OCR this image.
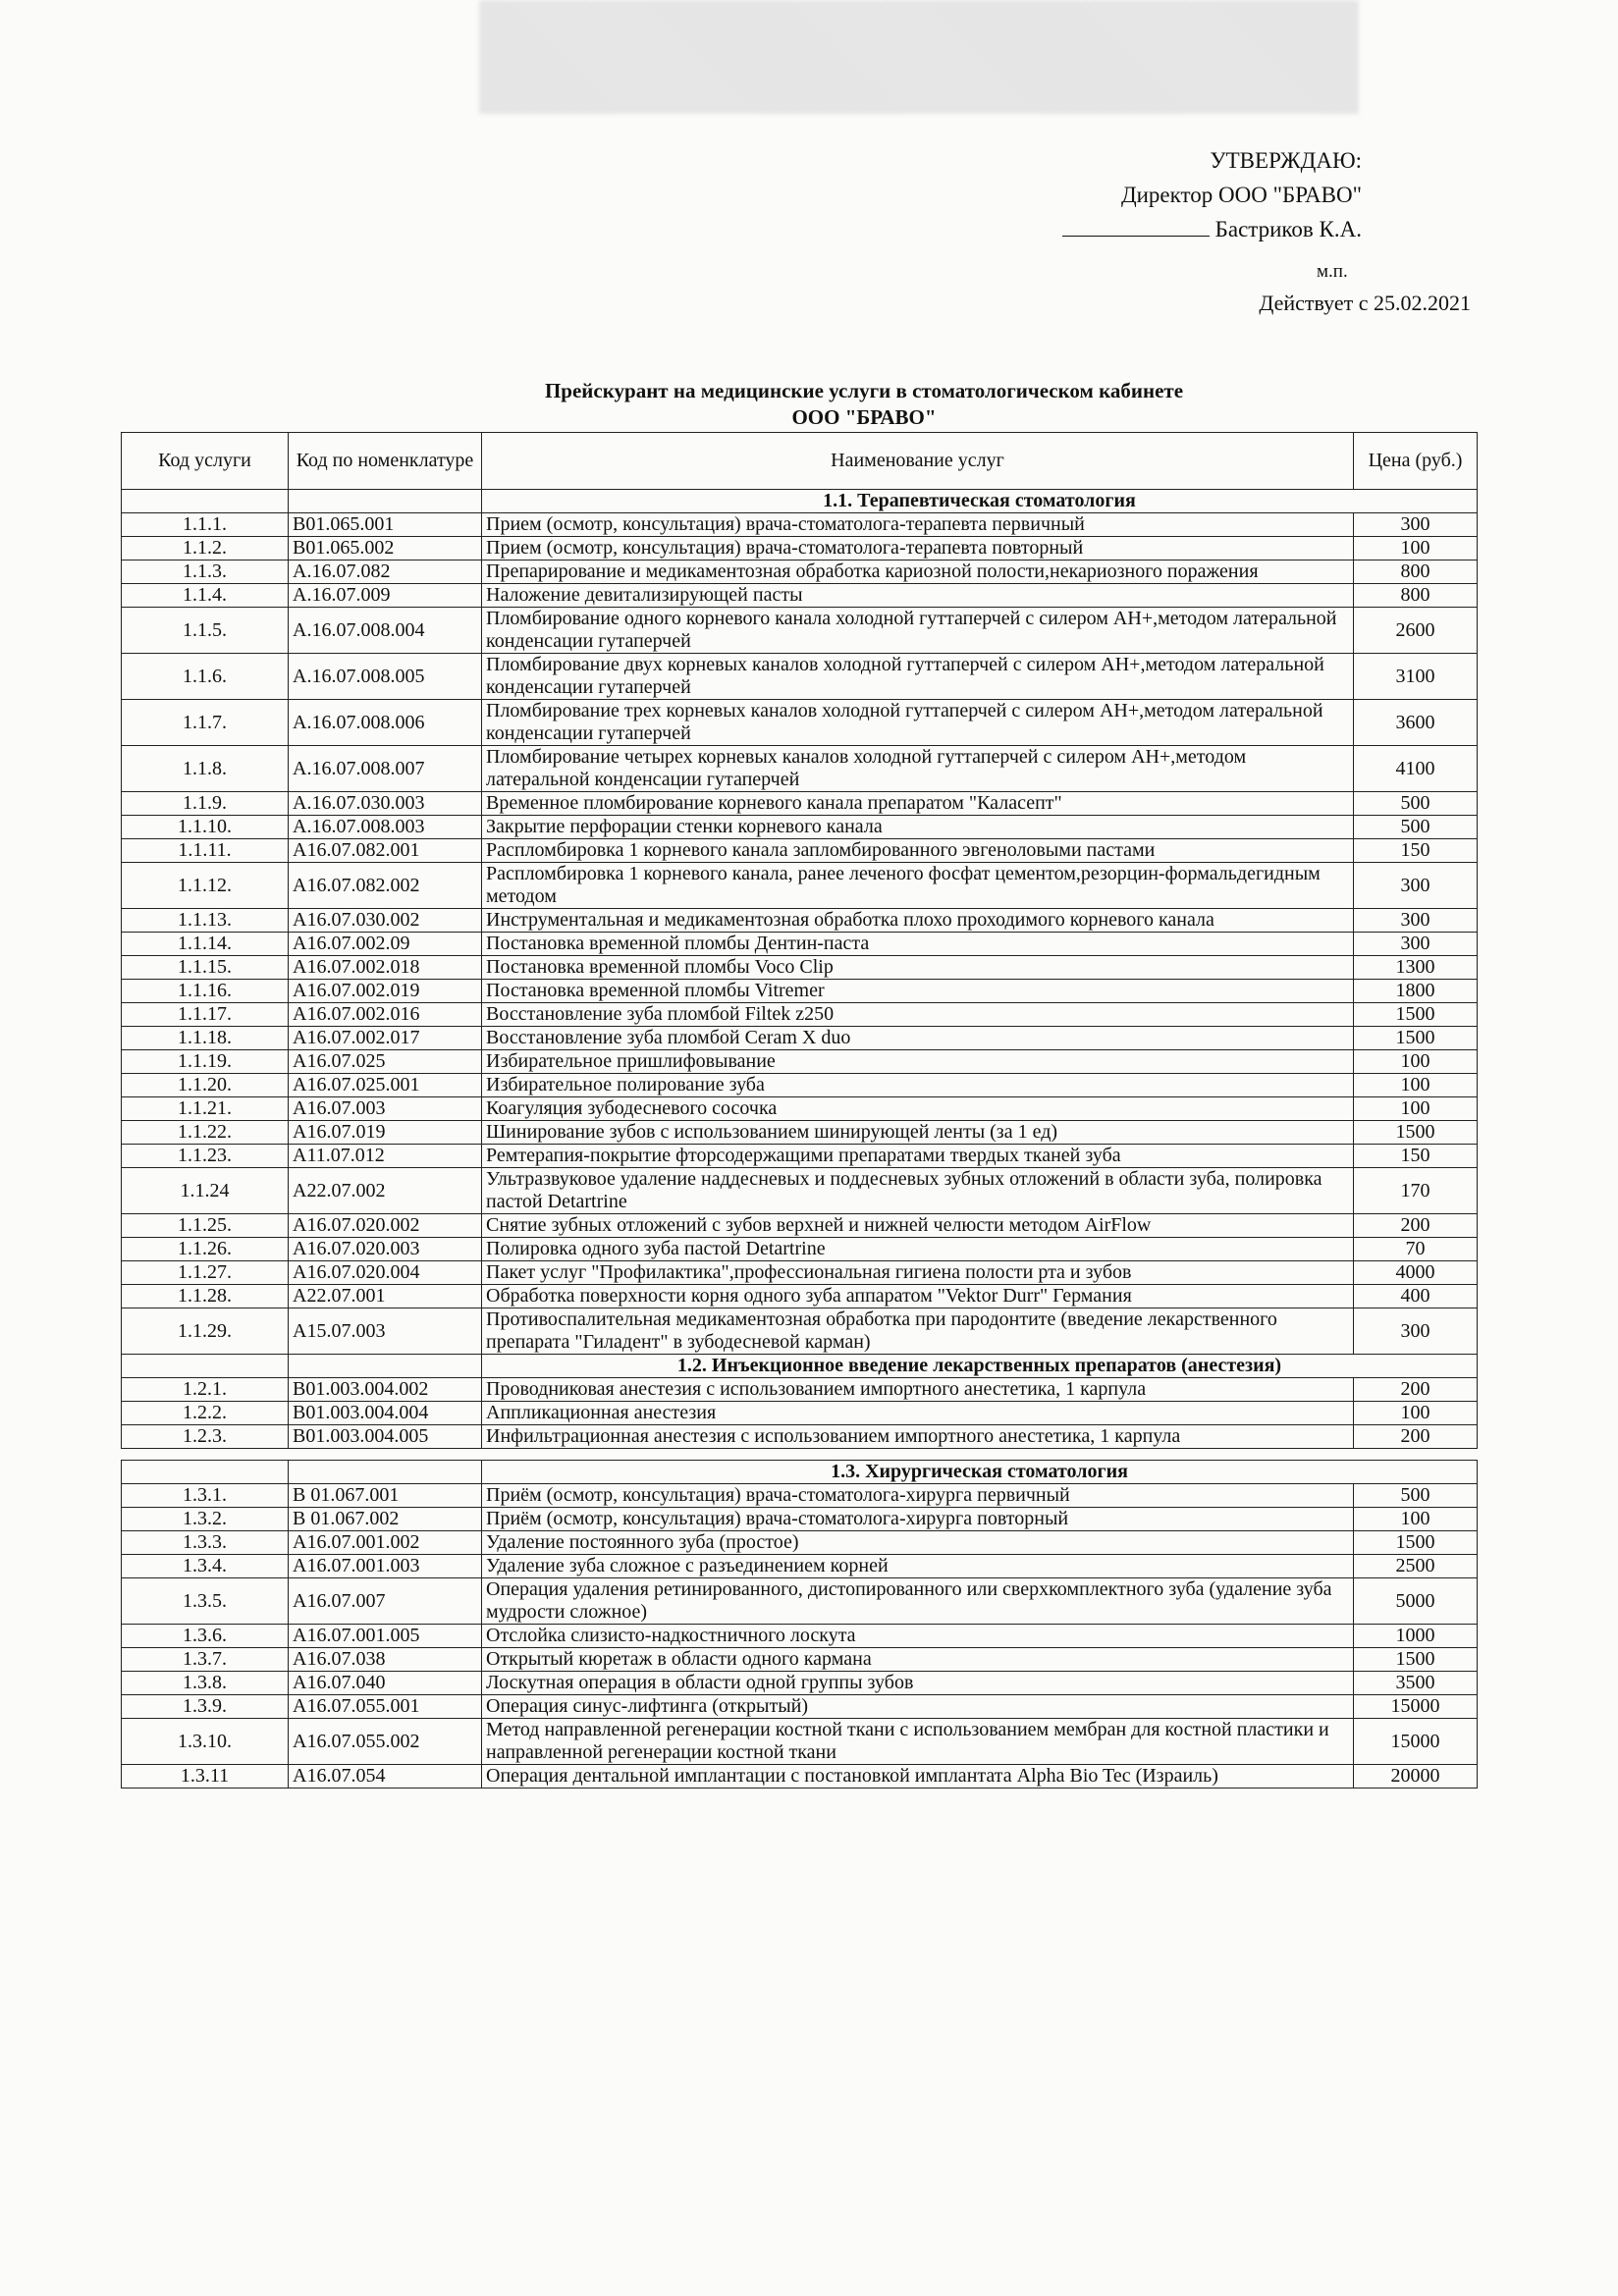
УТВЕРЖДАЮ:
Директор ООО "БРАВО"
Бастриков К.А.
м.п.
Действует с 25.02.2021
Прейскурант на медицинские услуги в стоматологическом кабинете
ООО "БРАВО"
Код услуги	Код по номенклатуре	Наименование услуг	Цена (руб.)
		1.1. Терапевтическая стоматология	
1.1.1.	B01.065.001	Прием (осмотр, консультация) врача-стоматолога-терапевта первичный	300
1.1.2.	B01.065.002	Прием (осмотр, консультация) врача-стоматолога-терапевта повторный	100
1.1.3.	А.16.07.082	Препарирование и медикаментозная обработка кариозной полости,некариозного поражения	800
1.1.4.	А.16.07.009	Наложение девитализирующей пасты	800
1.1.5.	А.16.07.008.004	Пломбирование одного корневого канала холодной гуттаперчей с силером АН+,методом латеральной конденсации гутаперчей	2600
1.1.6.	А.16.07.008.005	Пломбирование двух корневых каналов холодной гуттаперчей с силером АН+,методом латеральной конденсации гутаперчей	3100
1.1.7.	А.16.07.008.006	Пломбирование трех корневых каналов холодной гуттаперчей с силером АН+,методом латеральной конденсации гутаперчей	3600
1.1.8.	А.16.07.008.007	Пломбирование четырех корневых каналов холодной гуттаперчей с силером АН+,методом латеральной конденсации гутаперчей	4100
1.1.9.	А.16.07.030.003	Временное пломбирование корневого канала препаратом "Каласепт"	500
1.1.10.	А.16.07.008.003	Закрытие перфорации стенки корневого канала	500
1.1.11.	А16.07.082.001	Распломбировка 1 корневого канала запломбированного эвгеноловыми пастами	150
1.1.12.	А16.07.082.002	Распломбировка 1 корневого канала, ранее леченого фосфат цементом,резорцин-формальдегидным методом	300
1.1.13.	А16.07.030.002	Инструментальная и медикаментозная обработка плохо проходимого корневого канала	300
1.1.14.	А16.07.002.09	Постановка временной пломбы Дентин-паста	300
1.1.15.	А16.07.002.018	Постановка временной пломбы Voco Clip	1300
1.1.16.	А16.07.002.019	Постановка временной пломбы Vitremer	1800
1.1.17.	А16.07.002.016	Восстановление зуба пломбой Filtek z250	1500
1.1.18.	А16.07.002.017	Восстановление зуба пломбой Ceram X duo	1500
1.1.19.	А16.07.025	Избирательное пришлифовывание	100
1.1.20.	А16.07.025.001	Избирательное полирование зуба	100
1.1.21.	А16.07.003	Коагуляция зубодесневого сосочка	100
1.1.22.	А16.07.019	Шинирование зубов с использованием шинирующей ленты (за 1 ед)	1500
1.1.23.	А11.07.012	Ремтерапия-покрытие фторсодержащими препаратами твердых тканей зуба	150
1.1.24	А22.07.002	Ультразвуковое удаление наддесневых и поддесневых зубных отложений в области зуба, полировка пастой Detartrine	170
1.1.25.	А16.07.020.002	Снятие зубных отложений с зубов верхней и нижней челюсти методом AirFlow	200
1.1.26.	А16.07.020.003	Полировка одного зуба пастой Detartrine	70
1.1.27.	А16.07.020.004	Пакет услуг "Профилактика",профессиональная гигиена полости рта и зубов	4000
1.1.28.	А22.07.001	Обработка поверхности корня одного зуба аппаратом "Vektor Durr" Германия	400
1.1.29.	А15.07.003	Противоспалительная медикаментозная обработка при пародонтите (введение лекарственного препарата "Гиладент" в зубодесневой карман)	300
		1.2. Инъекционное введение лекарственных препаратов (анестезия)	
1.2.1.	B01.003.004.002	Проводниковая анестезия с использованием импортного анестетика, 1 карпула	200
1.2.2.	B01.003.004.004	Аппликационная анестезия	100
1.2.3.	B01.003.004.005	Инфильтрационная анестезия с использованием импортного анестетика, 1 карпула	200

		1.3. Хирургическая стоматология	
1.3.1.	B 01.067.001	Приём (осмотр, консультация) врача-стоматолога-хирурга первичный	500
1.3.2.	B 01.067.002	Приём (осмотр, консультация) врача-стоматолога-хирурга повторный	100
1.3.3.	А16.07.001.002	Удаление постоянного зуба (простое)	1500
1.3.4.	А16.07.001.003	Удаление зуба сложное с разъединением корней	2500
1.3.5.	А16.07.007	Операция удаления ретинированного, дистопированного или сверхкомплектного зуба (удаление зуба мудрости сложное)	5000
1.3.6.	А16.07.001.005	Отслойка слизисто-надкостничного лоскута	1000
1.3.7.	А16.07.038	Открытый кюретаж в области одного кармана	1500
1.3.8.	А16.07.040	Лоскутная операция в области одной группы зубов	3500
1.3.9.	А16.07.055.001	Операция синус-лифтинга (открытый)	15000
1.3.10.	А16.07.055.002	Метод направленной регенерации костной ткани с использованием мембран для костной пластики и направленной регенерации костной ткани	15000
1.3.11	А16.07.054	Операция дентальной имплантации с постановкой имплантата Alpha Bio Tec (Израиль)	20000
